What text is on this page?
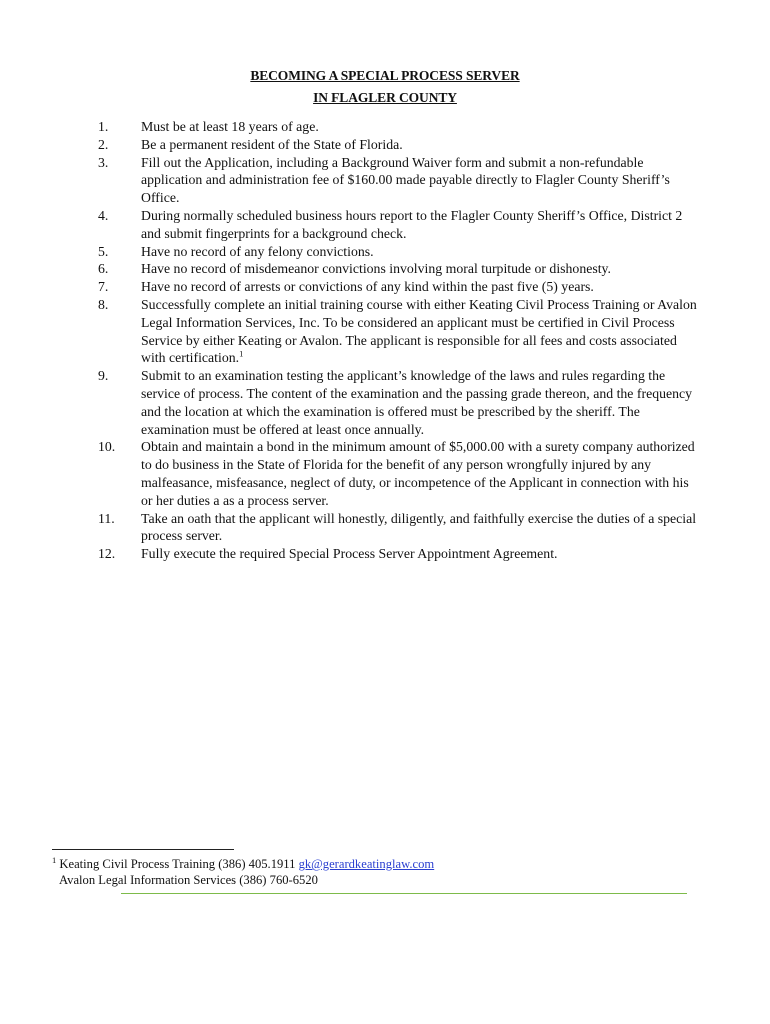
BECOMING A SPECIAL PROCESS SERVER
IN FLAGLER COUNTY
1. Must be at least 18 years of age.
2. Be a permanent resident of the State of Florida.
3. Fill out the Application, including a Background Waiver form and submit a non-refundable application and administration fee of $160.00 made payable directly to Flagler County Sheriff’s Office.
4. During normally scheduled business hours report to the Flagler County Sheriff’s Office, District 2 and submit fingerprints for a background check.
5. Have no record of any felony convictions.
6. Have no record of misdemeanor convictions involving moral turpitude or dishonesty.
7. Have no record of arrests or convictions of any kind within the past five (5) years.
8. Successfully complete an initial training course with either Keating Civil Process Training or Avalon Legal Information Services, Inc. To be considered an applicant must be certified in Civil Process Service by either Keating or Avalon. The applicant is responsible for all fees and costs associated with certification.$^1$
9. Submit to an examination testing the applicant’s knowledge of the laws and rules regarding the service of process. The content of the examination and the passing grade thereon, and the frequency and the location at which the examination is offered must be prescribed by the sheriff. The examination must be offered at least once annually.
10. Obtain and maintain a bond in the minimum amount of $5,000.00 with a surety company authorized to do business in the State of Florida for the benefit of any person wrongfully injured by any malfeasance, misfeasance, neglect of duty, or incompetence of the Applicant in connection with his or her duties a as a process server.
11. Take an oath that the applicant will honestly, diligently, and faithfully exercise the duties of a special process server.
12. Fully execute the required Special Process Server Appointment Agreement.
$^1$ Keating Civil Process Training (386) 405.1911 gk@gerardkeatinglaw.com
Avalon Legal Information Services (386) 760-6520
